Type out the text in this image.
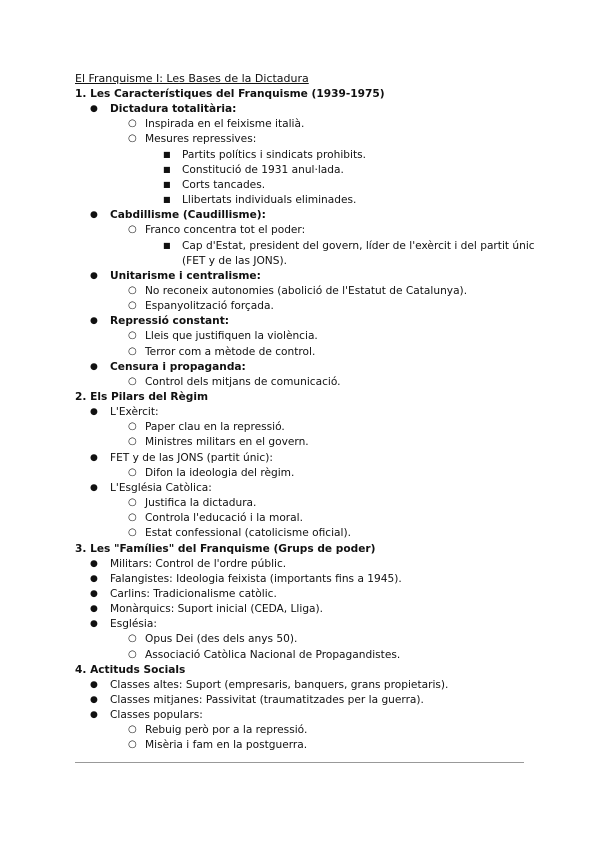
El Franquisme I: Les Bases de la Dictadura
1. Les Característiques del Franquisme (1939-1975)
● Dictadura totalitària:
○ Inspirada en el feixisme italià.
○ Mesures repressives:
■ Partits polítics i sindicats prohibits.
■ Constitució de 1931 anul·lada.
■ Corts tancades.
■ Llibertats individuals eliminades.
● Cabdillisme (Caudillisme):
○ Franco concentra tot el poder:
■ Cap d'Estat, president del govern, líder de l'exèrcit i del partit únic
(FET y de las JONS).
● Unitarisme i centralisme:
○ No reconeix autonomies (abolició de l'Estatut de Catalunya).
○ Espanyolització forçada.
● Repressió constant:
○ Lleis que justifiquen la violència.
○ Terror com a mètode de control.
● Censura i propaganda:
○ Control dels mitjans de comunicació.
2. Els Pilars del Règim
● L'Exèrcit:
○ Paper clau en la repressió.
○ Ministres militars en el govern.
● FET y de las JONS (partit únic):
○ Difon la ideologia del règim.
● L'Església Catòlica:
○ Justifica la dictadura.
○ Controla l'educació i la moral.
○ Estat confessional (catolicisme oficial).
3. Les "Famílies" del Franquisme (Grups de poder)
● Militars: Control de l'ordre públic.
● Falangistes: Ideologia feixista (importants fins a 1945).
● Carlins: Tradicionalisme catòlic.
● Monàrquics: Suport inicial (CEDA, Lliga).
● Església:
○ Opus Dei (des dels anys 50).
○ Associació Catòlica Nacional de Propagandistes.
4. Actituds Socials
● Classes altes: Suport (empresaris, banquers, grans propietaris).
● Classes mitjanes: Passivitat (traumatitzades per la guerra).
● Classes populars:
○ Rebuig però por a la repressió.
○ Misèria i fam en la postguerra.
